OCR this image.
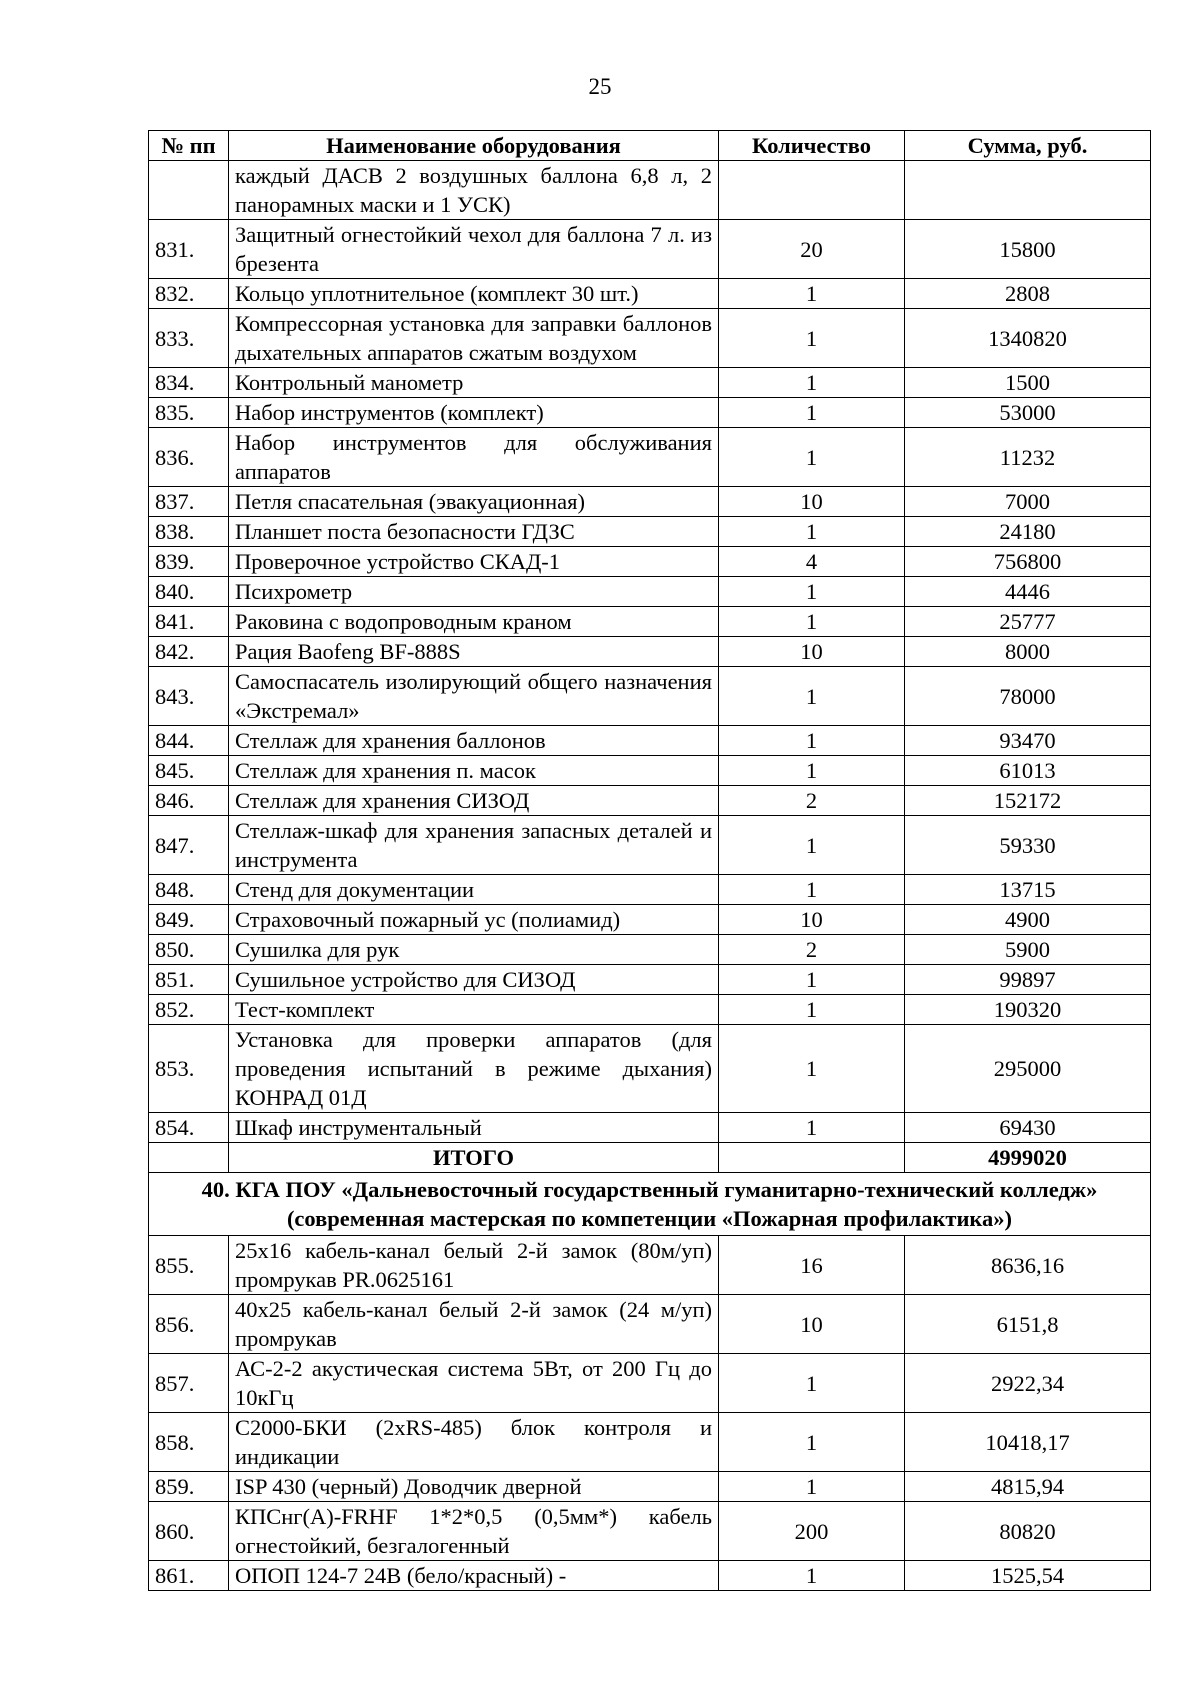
25
№ пп	Наименование оборудования	Количество	Сумма, руб.
	каждый ДАСВ 2 воздушных баллона 6,8 л, 2 панорамных маски и 1 УСК)		
831.	Защитный огнестойкий чехол для баллона 7 л. из брезента	20	15800
832.	Кольцо уплотнительное (комплект 30 шт.)	1	2808
833.	Компрессорная установка для заправки баллонов дыхательных аппаратов сжатым воздухом	1	1340820
834.	Контрольный манометр	1	1500
835.	Набор инструментов (комплект)	1	53000
836.	Набор инструментов для обслуживания аппаратов	1	11232
837.	Петля спасательная (эвакуационная)	10	7000
838.	Планшет поста безопасности ГДЗС	1	24180
839.	Проверочное устройство СКАД-1	4	756800
840.	Психрометр	1	4446
841.	Раковина с водопроводным краном	1	25777
842.	Рация Baofeng BF-888S	10	8000
843.	Самоспасатель изолирующий общего назначения «Экстремал»	1	78000
844.	Стеллаж для хранения баллонов	1	93470
845.	Стеллаж для хранения п. масок	1	61013
846.	Стеллаж для хранения СИЗОД	2	152172
847.	Стеллаж-шкаф для хранения запасных деталей и инструмента	1	59330
848.	Стенд для документации	1	13715
849.	Страховочный пожарный ус (полиамид)	10	4900
850.	Сушилка для рук	2	5900
851.	Сушильное устройство для СИЗОД	1	99897
852.	Тест-комплект	1	190320
853.	Установка для проверки аппаратов (для проведения испытаний в режиме дыхания) КОНРАД 01Д	1	295000
854.	Шкаф инструментальный	1	69430
	ИТОГО		4999020

40. КГА ПОУ «Дальневосточный государственный гуманитарно-технический колледж»
(современная мастерская по компетенции «Пожарная профилактика»)			

855.	25х16 кабель-канал белый 2-й замок (80м/уп) промрукав PR.0625161	16	8636,16
856.	40х25 кабель-канал белый 2-й замок (24 м/уп) промрукав	10	6151,8
857.	АС-2-2 акустическая система 5Вт, от 200 Гц до 10кГц	1	2922,34
858.	С2000-БКИ (2хRS-485) блок контроля и индикации	1	10418,17
859.	ISP 430 (черный) Доводчик дверной	1	4815,94
860.	КПСнг(А)-FRHF 1*2*0,5 (0,5мм*) кабель огнестойкий, безгалогенный	200	80820
861.	ОПОП 124-7 24В (бело/красный) -	1	1525,54
